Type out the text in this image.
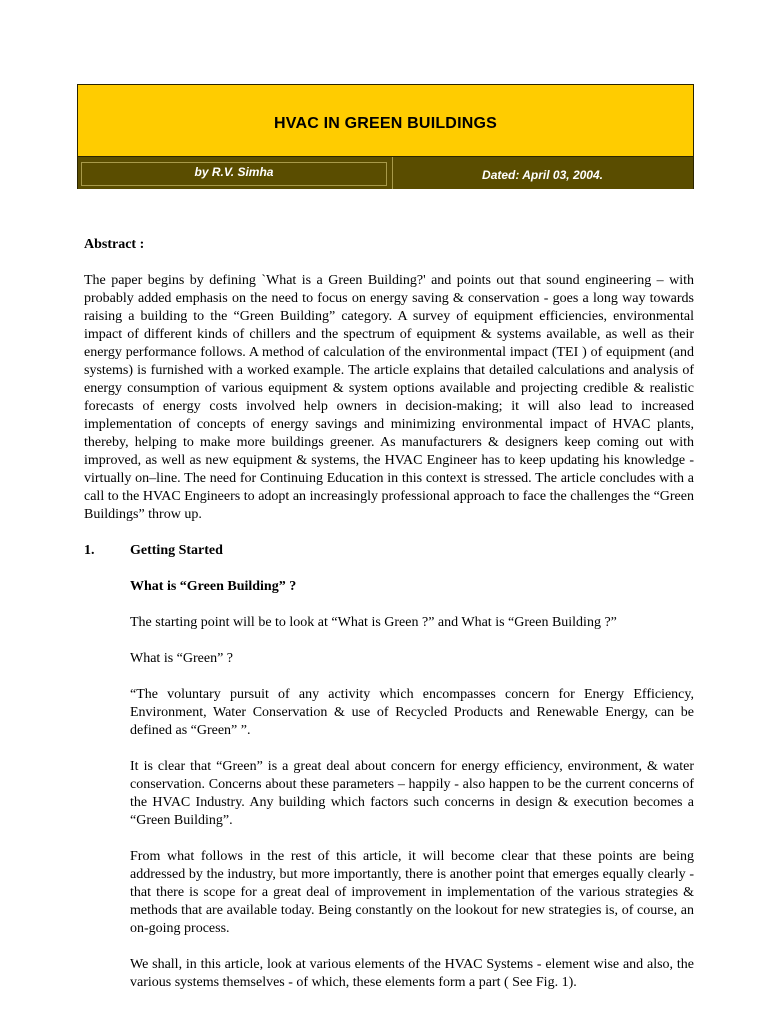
HVAC IN GREEN BUILDINGS
by R.V. Simha	Dated: April 03, 2004.

Abstract :

The paper begins by defining `What is a Green Building?' and points out that sound engineering – with probably added emphasis on the need to focus on energy saving & conservation - goes a long way towards raising a building to the “Green Building” category. A survey of equipment efficiencies, environmental impact of different kinds of chillers and the spectrum of equipment & systems available, as well as their energy performance follows. A method of calculation of the environmental impact (TEI ) of equipment (and systems) is furnished with a worked example. The article explains that detailed calculations and analysis of energy consumption of various equipment & system options available and projecting credible & realistic forecasts of energy costs involved help owners in decision-making; it will also lead to increased implementation of concepts of energy savings and minimizing environmental impact of HVAC plants, thereby, helping to make more buildings greener. As manufacturers & designers keep coming out with improved, as well as new equipment & systems, the HVAC Engineer has to keep updating his knowledge - virtually on–line. The need for Continuing Education in this context is stressed. The article concludes with a call to the HVAC Engineers to adopt an increasingly professional approach to face the challenges the “Green Buildings” throw up.

1.	Getting Started

What is “Green Building” ?

The starting point will be to look at “What is Green ?” and What is “Green Building ?”

What is “Green” ?

“The voluntary pursuit of any activity which encompasses concern for Energy Efficiency, Environment, Water Conservation & use of Recycled Products and Renewable Energy, can be defined as “Green” ”.

It is clear that “Green” is a great deal about concern for energy efficiency, environment, & water conservation. Concerns about these parameters – happily - also happen to be the current concerns of the HVAC Industry. Any building which factors such concerns in design & execution becomes a “Green Building”.

From what follows in the rest of this article, it will become clear that these points are being addressed by the industry, but more importantly, there is another point that emerges equally clearly - that there is scope for a great deal of improvement in implementation of the various strategies & methods that are available today. Being constantly on the lookout for new strategies is, of course, an on-going process.

We shall, in this article, look at various elements of the HVAC Systems - element wise and also, the various systems themselves - of which, these elements form a part ( See Fig. 1).
